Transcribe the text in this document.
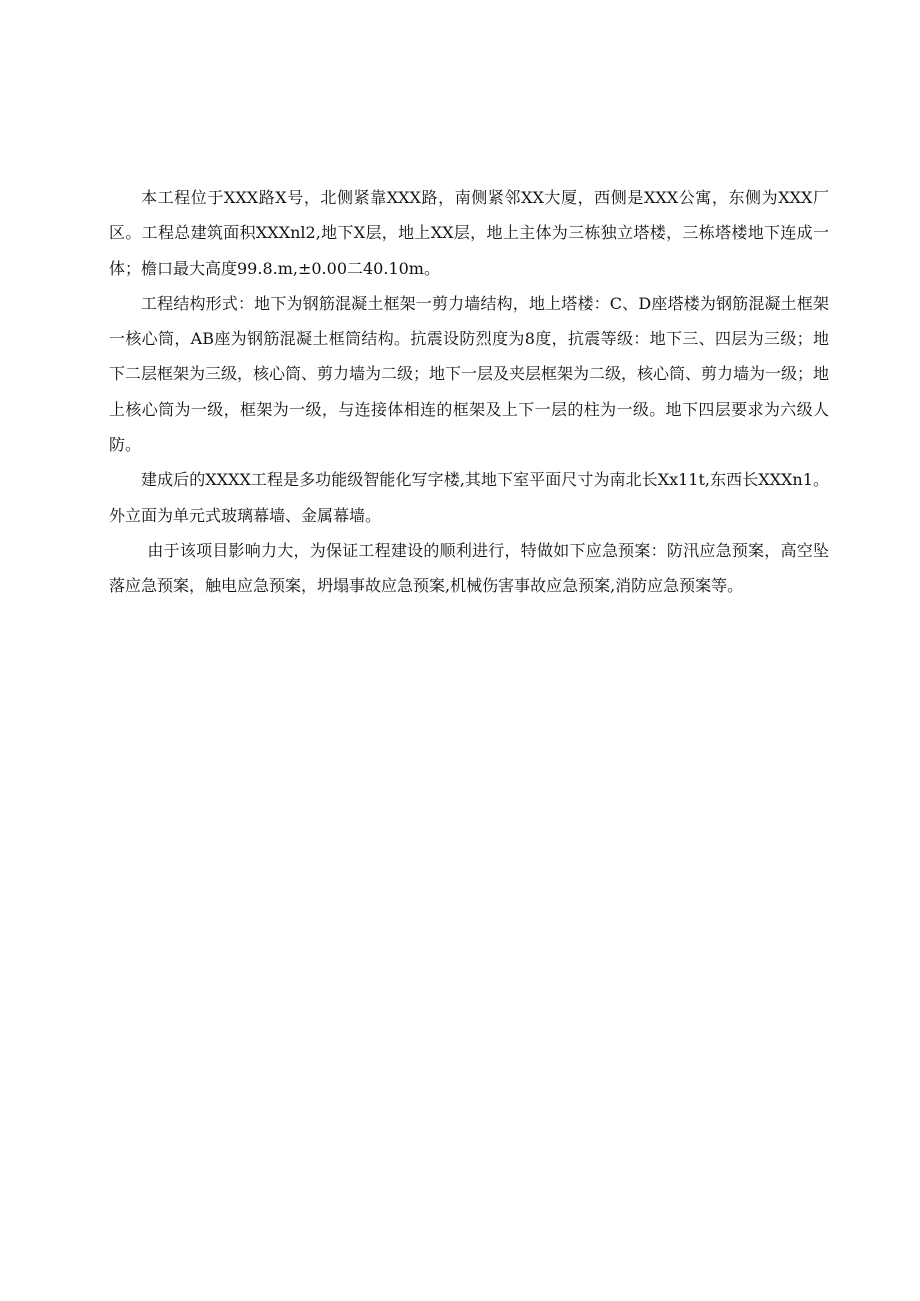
本工程位于XXX路X号，北侧紧靠XXX路，南侧紧邻XX大厦，西侧是XXX公寓，东侧为XXX厂区。工程总建筑面积XXXnl2,地下X层，地上XX层，地上主体为三栋独立塔楼，三栋塔楼地下连成一体；檐口最大高度99.8.m,±0.00二40.10m。

工程结构形式：地下为钢筋混凝土框架一剪力墙结构，地上塔楼：C、D座塔楼为钢筋混凝土框架一核心筒，AB座为钢筋混凝土框筒结构。抗震设防烈度为8度，抗震等级：地下三、四层为三级；地下二层框架为三级，核心筒、剪力墙为二级；地下一层及夹层框架为二级，核心筒、剪力墙为一级；地上核心筒为一级，框架为一级，与连接体相连的框架及上下一层的柱为一级。地下四层要求为六级人防。

建成后的XXXX工程是多功能级智能化写字楼,其地下室平面尺寸为南北长Xx11t,东西长XXXn1。外立面为单元式玻璃幕墙、金属幕墙。

由于该项目影响力大，为保证工程建设的顺利进行，特做如下应急预案：防汛应急预案，高空坠落应急预案，触电应急预案，坍塌事故应急预案,机械伤害事故应急预案,消防应急预案等。
